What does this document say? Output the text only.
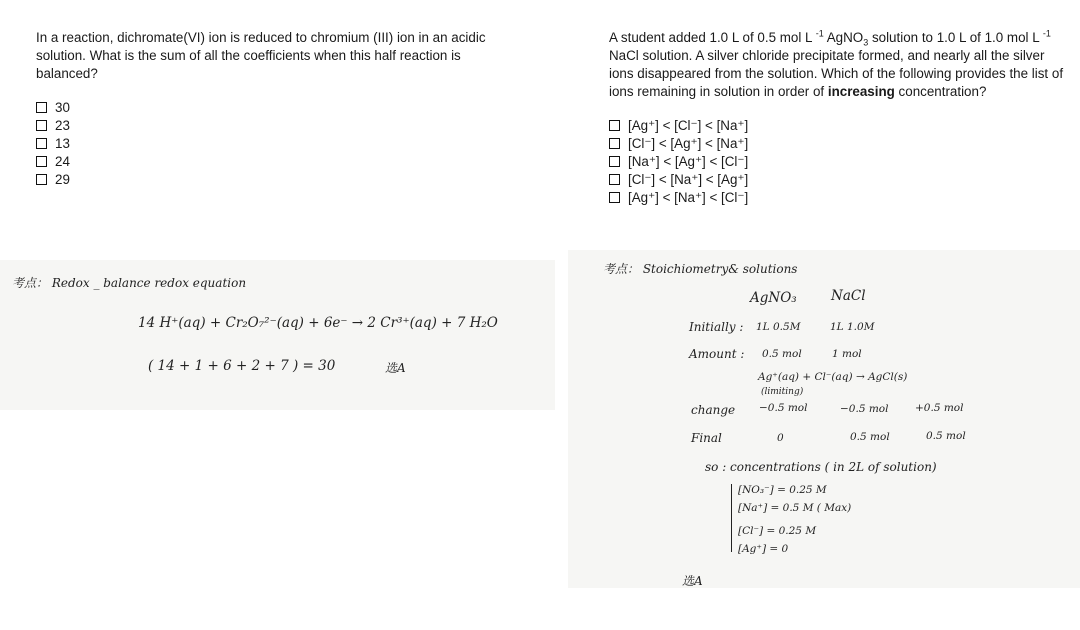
In a reaction, dichromate(VI) ion is reduced to chromium (III) ion in an acidic solution. What is the sum of all the coefficients when this half reaction is balanced?

30
23
13
24
29

A student added 1.0 L of 0.5 mol L $^{-1}$ AgNO$_3$ solution to 1.0 L of 1.0 mol L $^{-1}$ NaCl solution. A silver chloride precipitate formed, and nearly all the silver ions disappeared from the solution. Which of the following provides the list of ions remaining in solution in order of increasing concentration?

[Ag⁺] < [Cl⁻] < [Na⁺]
[Cl⁻] < [Ag⁺] < [Na⁺]
[Na⁺] < [Ag⁺] < [Cl⁻]
[Cl⁻] < [Na⁺] < [Ag⁺]
[Ag⁺] < [Na⁺] < [Cl⁻]
考点： Redox _ balance redox equation
14 H⁺(aq) + Cr₂O₇²⁻(aq) + 6e⁻ → 2 Cr³⁺(aq) + 7 H₂O
( 14 + 1 + 6 + 2 + 7 ) = 30	选A
考点： Stoichiometry& solutions
AgNO₃	NaCl
Initially : 1L 0.5M	1L 1.0M
Amount : 0.5 mol	1 mol
Ag⁺(aq) + Cl⁻(aq) → AgCl(s)
(limiting)
change −0.5 mol	−0.5 mol	+0.5 mol
Final	0	0.5 mol	0.5 mol
so : concentrations ( in 2L of solution)
[NO₃⁻] = 0.25 M
[Na⁺] = 0.5 M ( Max)
[Cl⁻] = 0.25 M
[Ag⁺] = 0
选A
